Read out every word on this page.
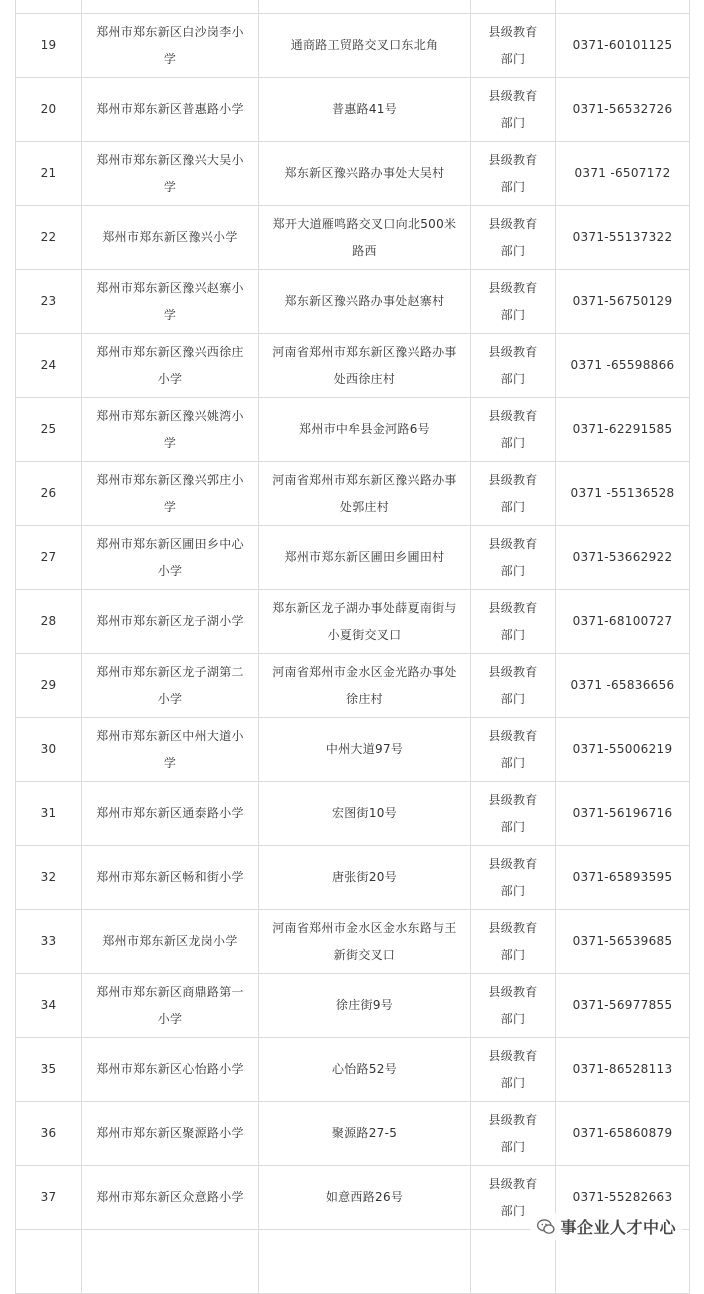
19	郑州市郑东新区白沙岗李小学	通商路工贸路交叉口东北角	县级教育部门	0371-60101125
20	郑州市郑东新区普惠路小学	普惠路41号	县级教育部门	0371-56532726
21	郑州市郑东新区豫兴大吴小学	郑东新区豫兴路办事处大吴村	县级教育部门	0371 -6507172
22	郑州市郑东新区豫兴小学	郑开大道雁鸣路交叉口向北500米路西	县级教育部门	0371-55137322
23	郑州市郑东新区豫兴赵寨小学	郑东新区豫兴路办事处赵寨村	县级教育部门	0371-56750129
24	郑州市郑东新区豫兴西徐庄小学	河南省郑州市郑东新区豫兴路办事处西徐庄村	县级教育部门	0371 -65598866
25	郑州市郑东新区豫兴姚湾小学	郑州市中牟县金河路6号	县级教育部门	0371-62291585
26	郑州市郑东新区豫兴郭庄小学	河南省郑州市郑东新区豫兴路办事处郭庄村	县级教育部门	0371 -55136528
27	郑州市郑东新区圃田乡中心小学	郑州市郑东新区圃田乡圃田村	县级教育部门	0371-53662922
28	郑州市郑东新区龙子湖小学	郑东新区龙子湖办事处薛夏南街与小夏街交叉口	县级教育部门	0371-68100727
29	郑州市郑东新区龙子湖第二小学	河南省郑州市金水区金光路办事处徐庄村	县级教育部门	0371 -65836656
30	郑州市郑东新区中州大道小学	中州大道97号	县级教育部门	0371-55006219
31	郑州市郑东新区通泰路小学	宏图街10号	县级教育部门	0371-56196716
32	郑州市郑东新区畅和街小学	唐张街20号	县级教育部门	0371-65893595
33	郑州市郑东新区龙岗小学	河南省郑州市金水区金水东路与王新街交叉口	县级教育部门	0371-56539685
34	郑州市郑东新区商鼎路第一小学	徐庄街9号	县级教育部门	0371-56977855
35	郑州市郑东新区心怡路小学	心怡路52号	县级教育部门	0371-86528113
36	郑州市郑东新区聚源路小学	聚源路27-5	县级教育部门	0371-65860879
37	郑州市郑东新区众意路小学	如意西路26号	县级教育部门	0371-55282663

事企业人才中心
